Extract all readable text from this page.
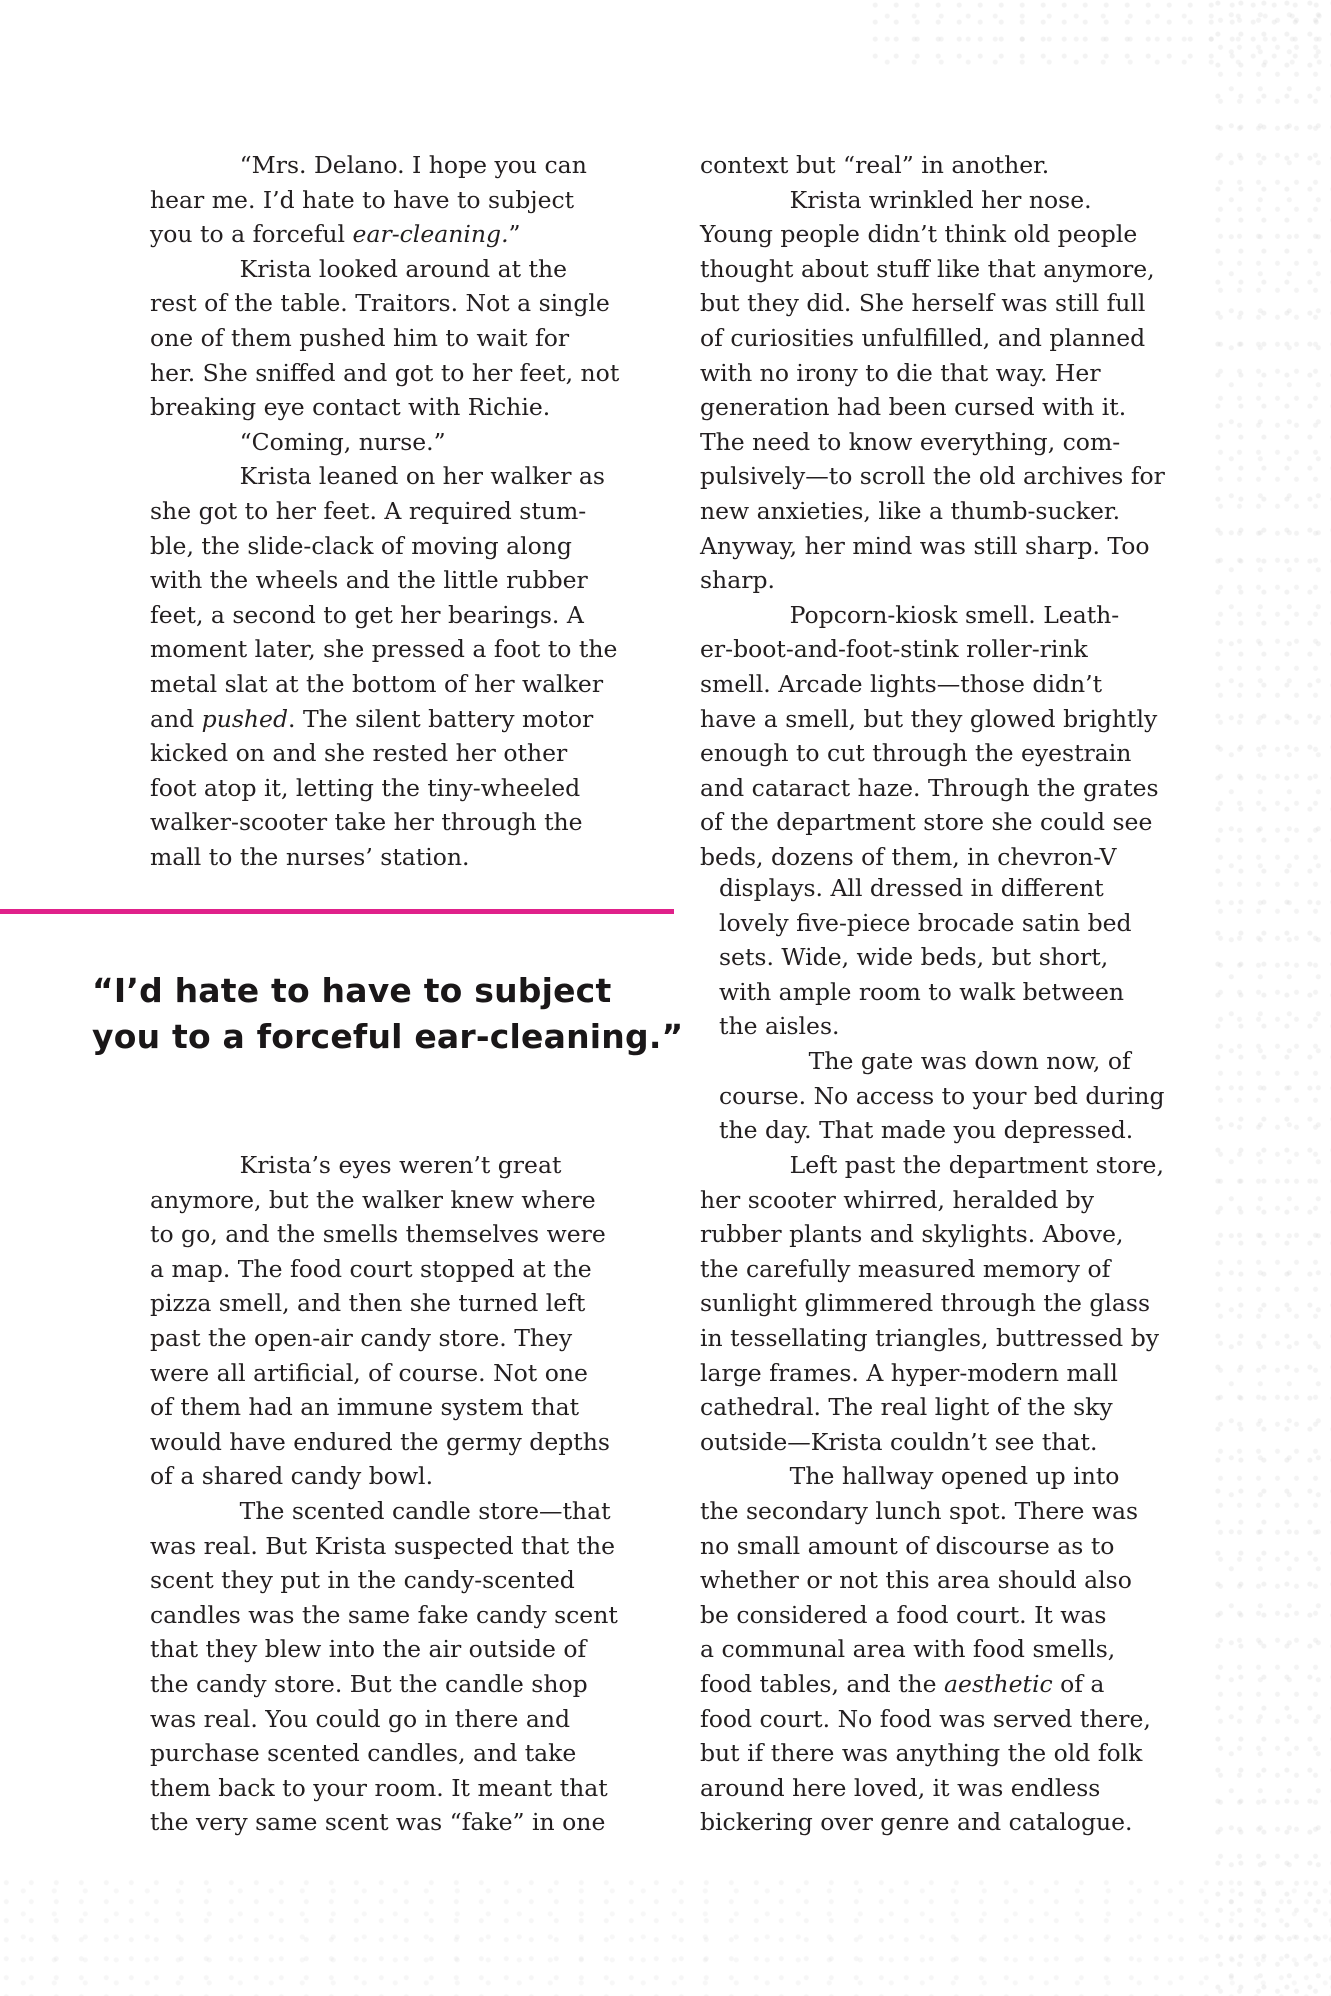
“Mrs. Delano. I hope you can
hear me. I’d hate to have to subject
you to a forceful ear-cleaning.”
Krista looked around at the
rest of the table. Traitors. Not a single
one of them pushed him to wait for
her. She sniffed and got to her feet, not
breaking eye contact with Richie.
“Coming, nurse.”
Krista leaned on her walker as
she got to her feet. A required stum-
ble, the slide-clack of moving along
with the wheels and the little rubber
feet, a second to get her bearings. A
moment later, she pressed a foot to the
metal slat at the bottom of her walker
and pushed. The silent battery motor
kicked on and she rested her other
foot atop it, letting the tiny-wheeled
walker-scooter take her through the
mall to the nurses’ station.
“I’d hate to have to subject
you to a forceful ear-cleaning.”
Krista’s eyes weren’t great
anymore, but the walker knew where
to go, and the smells themselves were
a map. The food court stopped at the
pizza smell, and then she turned left
past the open-air candy store. They
were all artificial, of course. Not one
of them had an immune system that
would have endured the germy depths
of a shared candy bowl.
The scented candle store—that
was real. But Krista suspected that the
scent they put in the candy-scented
candles was the same fake candy scent
that they blew into the air outside of
the candy store. But the candle shop
was real. You could go in there and
purchase scented candles, and take
them back to your room. It meant that
the very same scent was “fake” in one
context but “real” in another.
Krista wrinkled her nose.
Young people didn’t think old people
thought about stuff like that anymore,
but they did. She herself was still full
of curiosities unfulfilled, and planned
with no irony to die that way. Her
generation had been cursed with it.
The need to know everything, com-
pulsively—to scroll the old archives for
new anxieties, like a thumb-sucker.
Anyway, her mind was still sharp. Too
sharp.
Popcorn-kiosk smell. Leath-
er-boot-and-foot-stink roller-rink
smell. Arcade lights—those didn’t
have a smell, but they glowed brightly
enough to cut through the eyestrain
and cataract haze. Through the grates
of the department store she could see
beds, dozens of them, in chevron-V
displays. All dressed in different
lovely five-piece brocade satin bed
sets. Wide, wide beds, but short,
with ample room to walk between
the aisles.
The gate was down now, of
course. No access to your bed during
the day. That made you depressed.
Left past the department store,
her scooter whirred, heralded by
rubber plants and skylights. Above,
the carefully measured memory of
sunlight glimmered through the glass
in tessellating triangles, buttressed by
large frames. A hyper-modern mall
cathedral. The real light of the sky
outside—Krista couldn’t see that.
The hallway opened up into
the secondary lunch spot. There was
no small amount of discourse as to
whether or not this area should also
be considered a food court. It was
a communal area with food smells,
food tables, and the aesthetic of a
food court. No food was served there,
but if there was anything the old folk
around here loved, it was endless
bickering over genre and catalogue.
